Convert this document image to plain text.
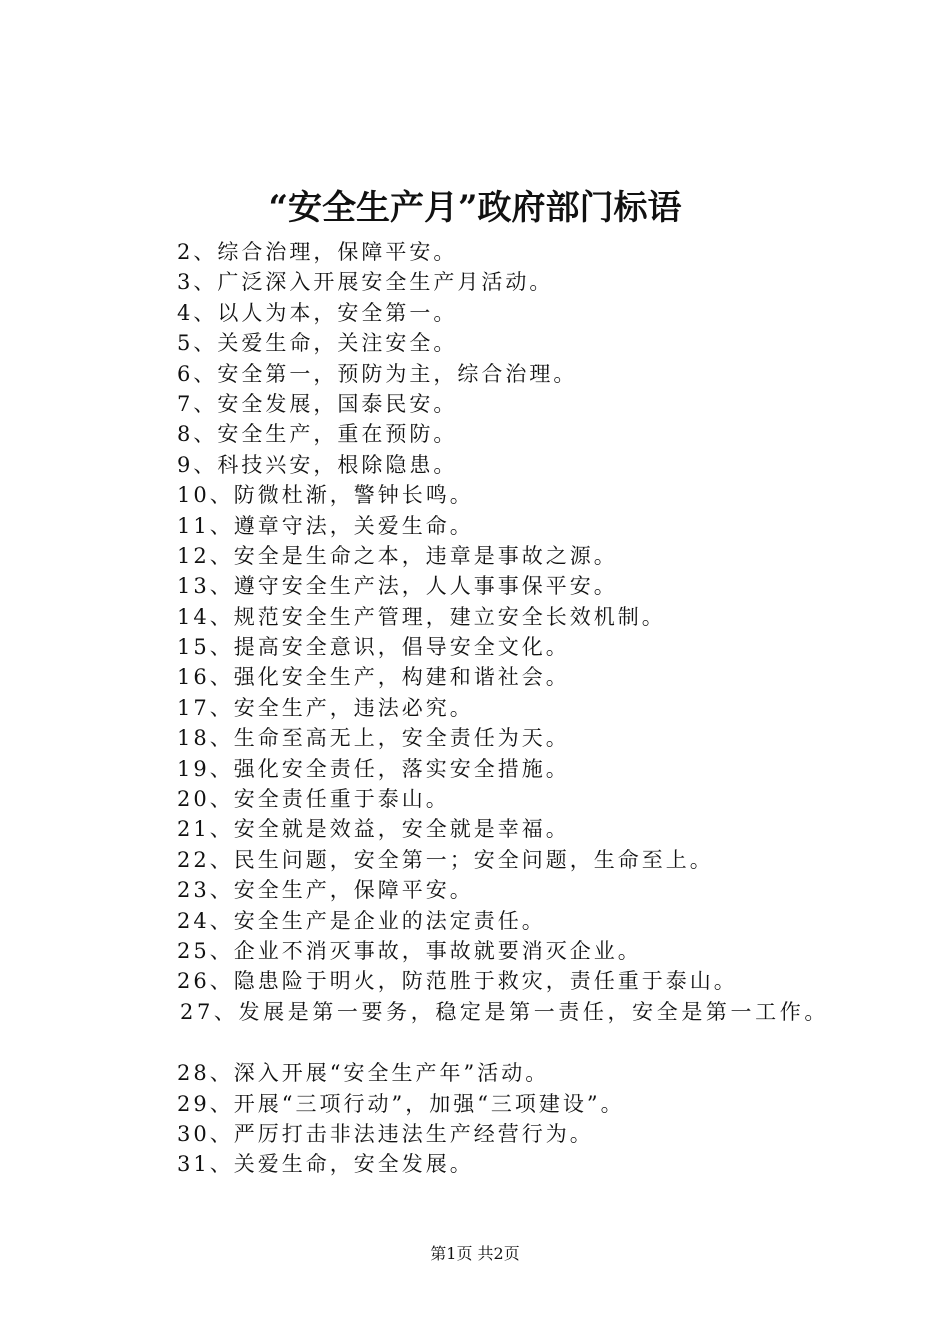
“安全生产月”政府部门标语
2、综合治理，保障平安。
3、广泛深入开展安全生产月活动。
4、以人为本，安全第一。
5、关爱生命，关注安全。
6、安全第一，预防为主，综合治理。
7、安全发展，国泰民安。
8、安全生产，重在预防。
9、科技兴安，根除隐患。
10、防微杜渐，警钟长鸣。
11、遵章守法，关爱生命。
12、安全是生命之本，违章是事故之源。
13、遵守安全生产法，人人事事保平安。
14、规范安全生产管理，建立安全长效机制。
15、提高安全意识，倡导安全文化。
16、强化安全生产，构建和谐社会。
17、安全生产，违法必究。
18、生命至高无上，安全责任为天。
19、强化安全责任，落实安全措施。
20、安全责任重于泰山。
21、安全就是效益，安全就是幸福。
22、民生问题，安全第一；安全问题，生命至上。
23、安全生产，保障平安。
24、安全生产是企业的法定责任。
25、企业不消灭事故，事故就要消灭企业。
26、隐患险于明火，防范胜于救灾，责任重于泰山。
27、发展是第一要务，稳定是第一责任，安全是第一工作。
28、深入开展“安全生产年”活动。
29、开展“三项行动”，加强“三项建设”。
30、严厉打击非法违法生产经营行为。
31、关爱生命，安全发展。
第1页 共2页
